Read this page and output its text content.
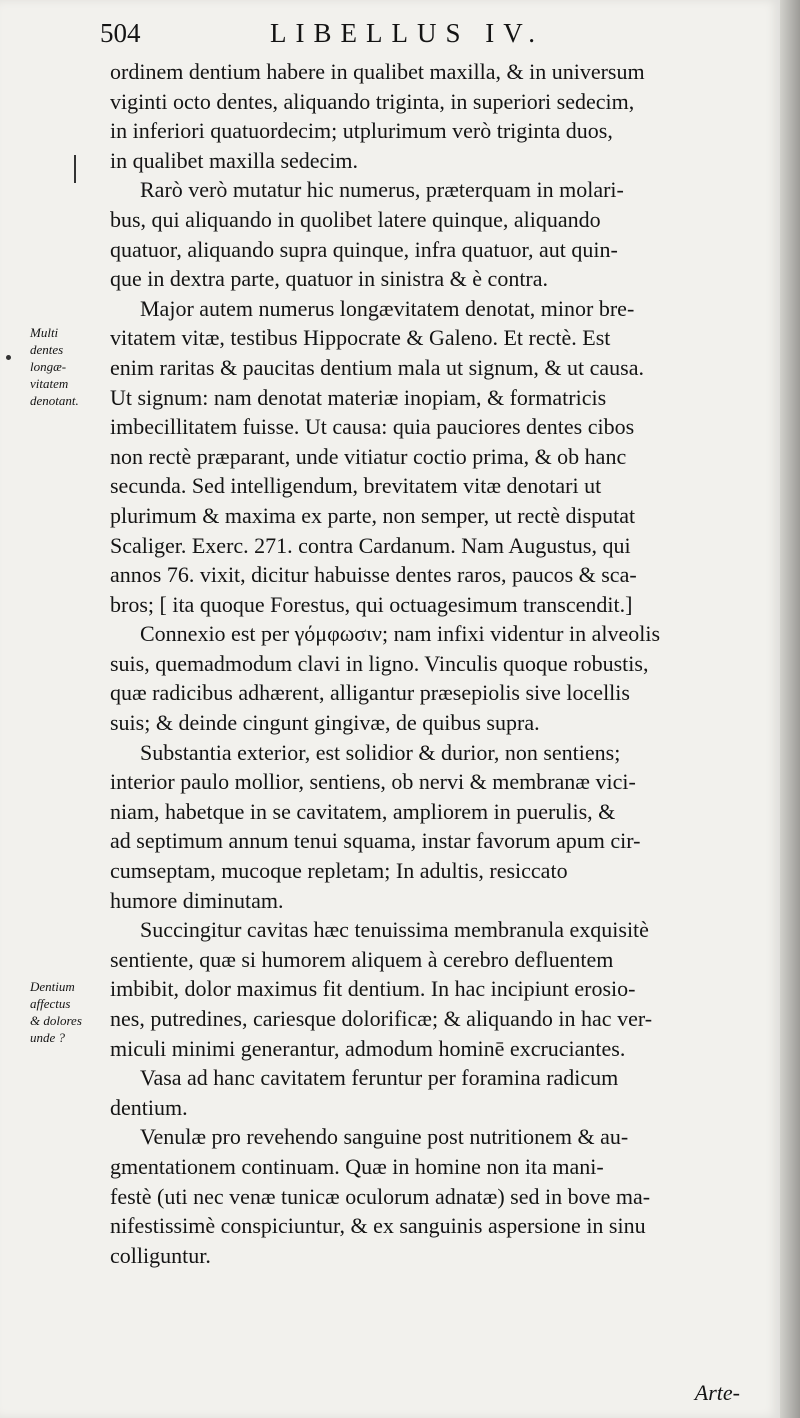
504	LIBELLUS IV.
Multi
dentes
longæ-
vitatem
denotant.
Dentium
affectus
& dolores
unde ?
ordinem dentium habere in qualibet maxilla, & in universum
viginti octo dentes, aliquando triginta, in superiori sedecim,
in inferiori quatuordecim; utplurimum verò triginta duos,
in qualibet maxilla sedecim.
Rarò verò mutatur hic numerus, præterquam in molari-
bus, qui aliquando in quolibet latere quinque, aliquando
quatuor, aliquando supra quinque, infra quatuor, aut quin-
que in dextra parte, quatuor in sinistra & è contra.
Major autem numerus longævitatem denotat, minor bre-
vitatem vitæ, testibus Hippocrate & Galeno. Et rectè. Est
enim raritas & paucitas dentium mala ut signum, & ut causa.
Ut signum: nam denotat materiæ inopiam, & formatricis
imbecillitatem fuisse. Ut causa: quia pauciores dentes cibos
non rectè præparant, unde vitiatur coctio prima, & ob hanc
secunda. Sed intelligendum, brevitatem vitæ denotari ut
plurimum & maxima ex parte, non semper, ut rectè disputat
Scaliger. Exerc. 271. contra Cardanum. Nam Augustus, qui
annos 76. vixit, dicitur habuisse dentes raros, paucos & sca-
bros; [ ita quoque Forestus, qui octuagesimum transcendit.]
Connexio est per γόμφωσιν; nam infixi videntur in alveolis
suis, quemadmodum clavi in ligno. Vinculis quoque robustis,
quæ radicibus adhærent, alligantur præsepiolis sive locellis
suis; & deinde cingunt gingivæ, de quibus supra.
Substantia exterior, est solidior & durior, non sentiens;
interior paulo mollior, sentiens, ob nervi & membranæ vici-
niam, habetque in se cavitatem, ampliorem in puerulis, &
ad septimum annum tenui squama, instar favorum apum cir-
cumseptam, mucoque repletam; In adultis, resiccato
humore diminutam.
Succingitur cavitas hæc tenuissima membranula exquisitè
sentiente, quæ si humorem aliquem à cerebro defluentem
imbibit, dolor maximus fit dentium. In hac incipiunt erosio-
nes, putredines, cariesque dolorificæ; & aliquando in hac ver-
miculi minimi generantur, admodum hominē excruciantes.
Vasa ad hanc cavitatem feruntur per foramina radicum
dentium.
Venulæ pro revehendo sanguine post nutritionem & au-
gmentationem continuam. Quæ in homine non ita mani-
festè (uti nec venæ tunicæ oculorum adnatæ) sed in bove ma-
nifestissimè conspiciuntur, & ex sanguinis aspersione in sinu
colliguntur.
Arte-
